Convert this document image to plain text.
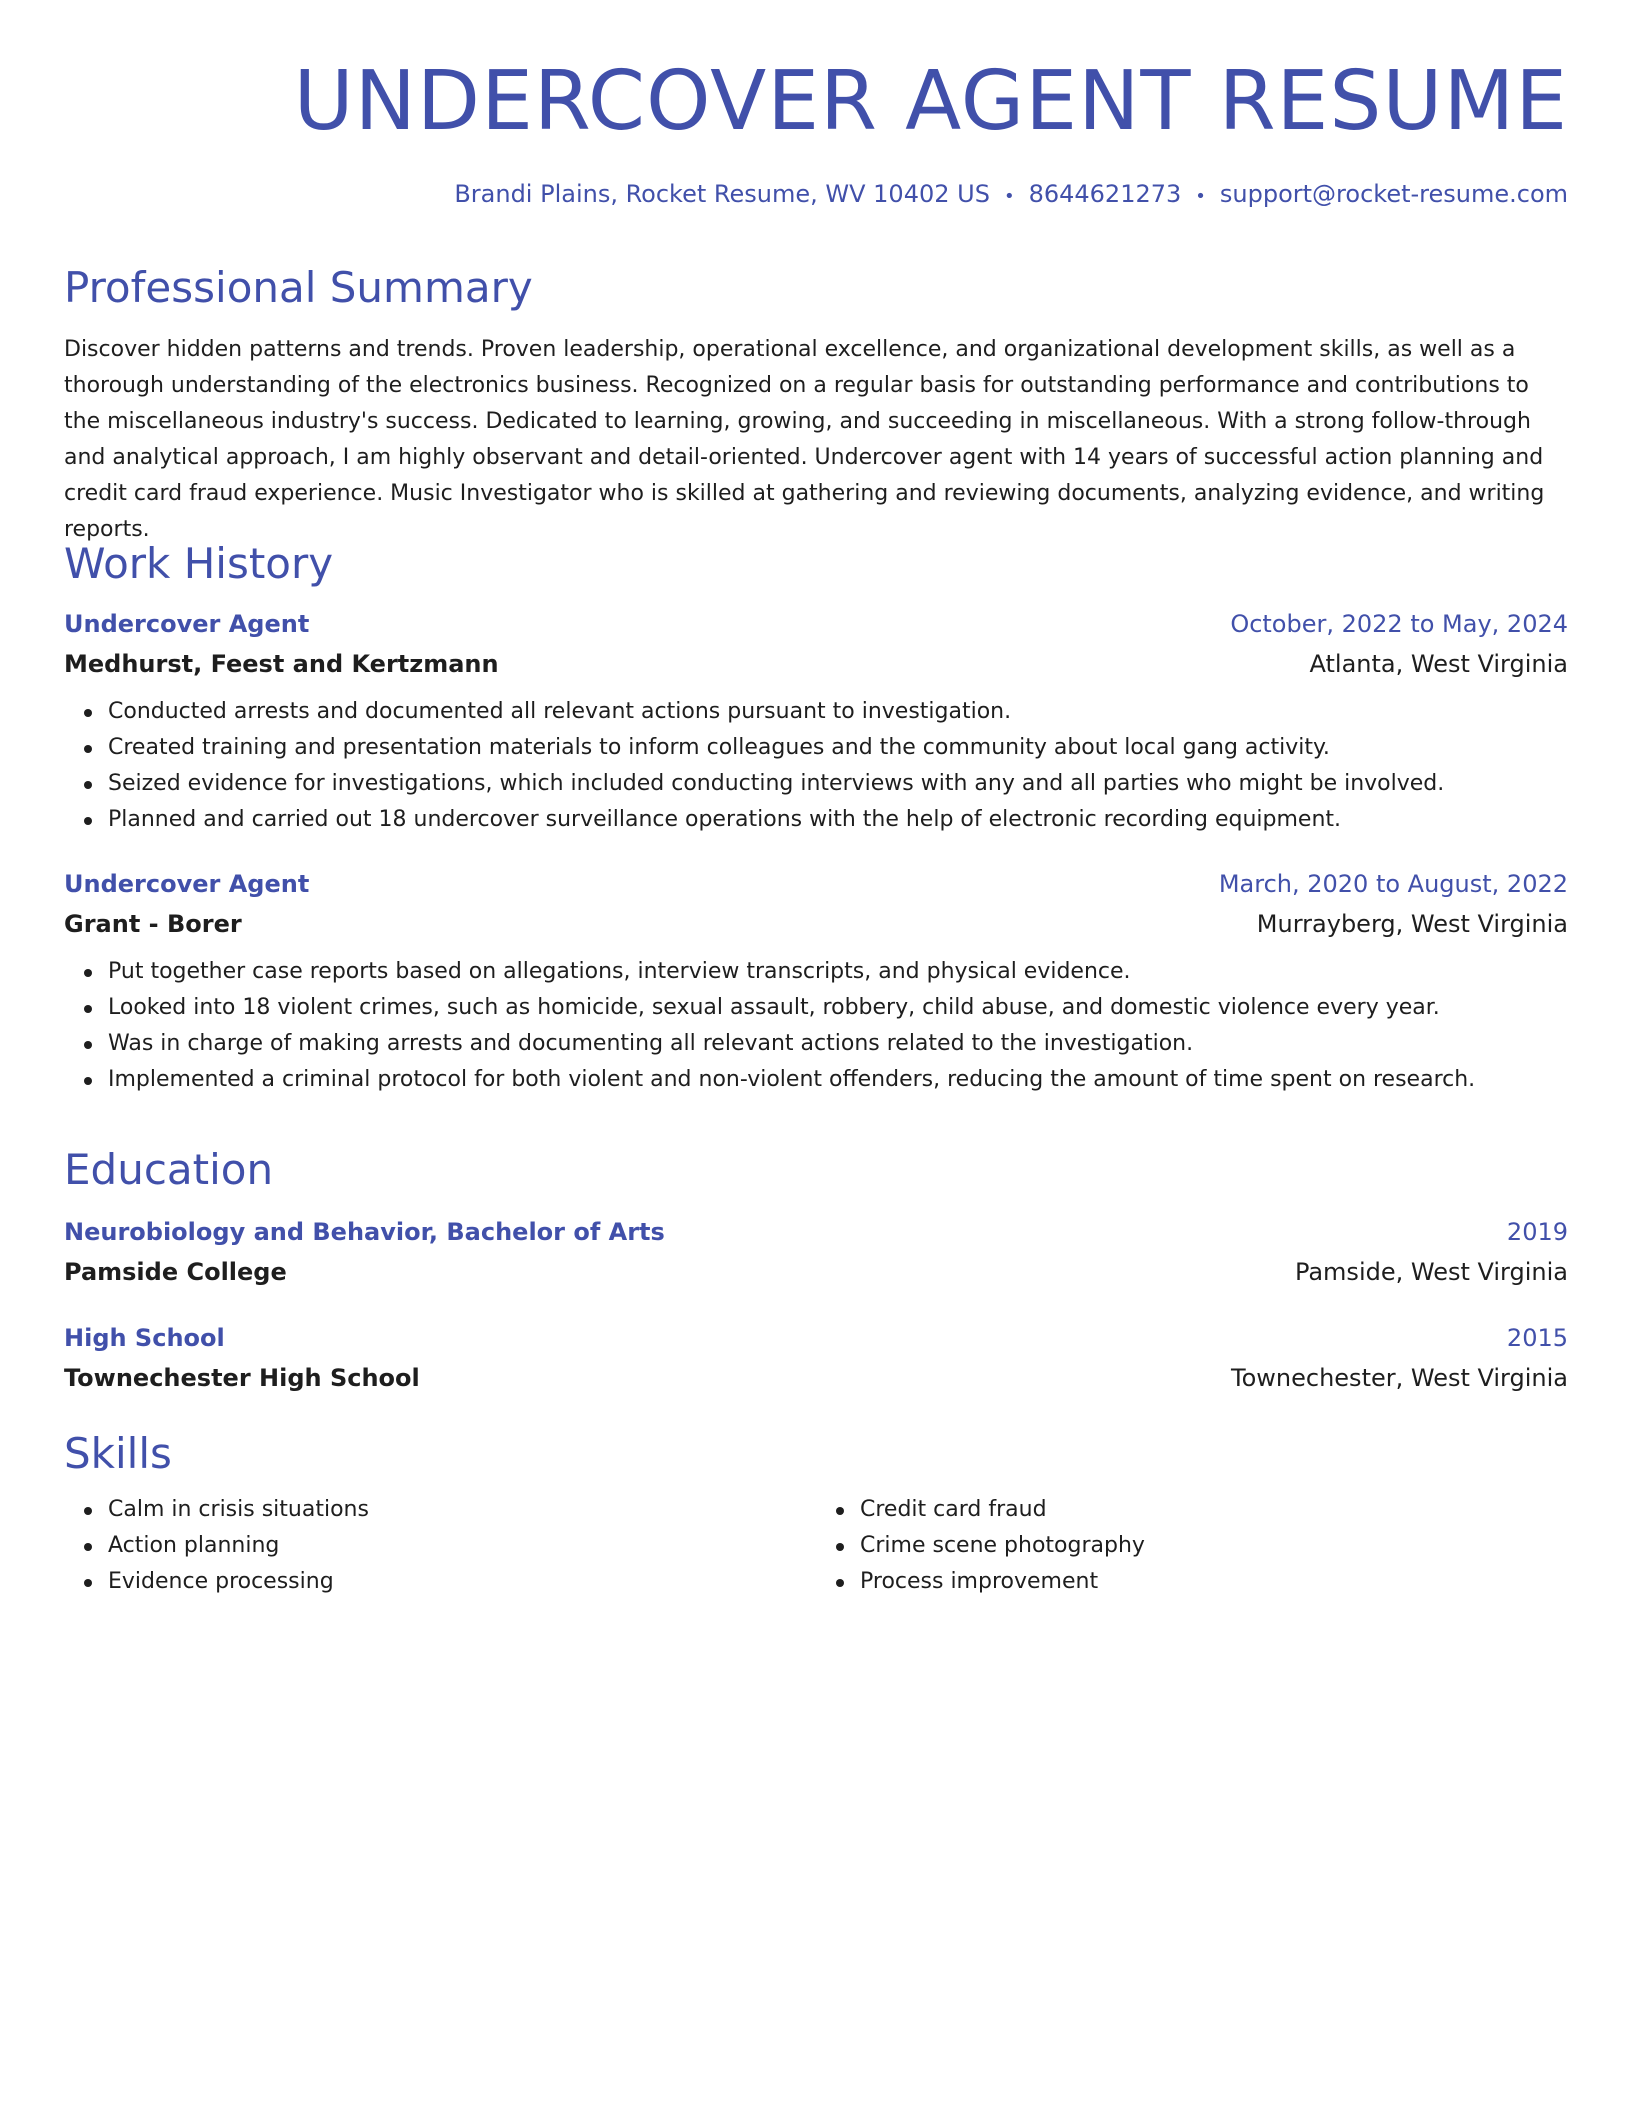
UNDERCOVER AGENT RESUME
Brandi Plains, Rocket Resume, WV 10402 US • 8644621273 • support@rocket-resume.com
Professional Summary

Discover hidden patterns and trends. Proven leadership, operational excellence, and organizational development skills, as well as a thorough understanding of the electronics business. Recognized on a regular basis for outstanding performance and contributions to the miscellaneous industry's success. Dedicated to learning, growing, and succeeding in miscellaneous. With a strong follow-through and analytical approach, I am highly observant and detail-oriented. Undercover agent with 14 years of successful action planning and credit card fraud experience. Music Investigator who is skilled at gathering and reviewing documents, analyzing evidence, and writing reports.

Work History
Undercover Agent	October, 2022 to May, 2024
Medhurst, Feest and Kertzmann	Atlanta, West Virginia
Conducted arrests and documented all relevant actions pursuant to investigation.
Created training and presentation materials to inform colleagues and the community about local gang activity.
Seized evidence for investigations, which included conducting interviews with any and all parties who might be involved.
Planned and carried out 18 undercover surveillance operations with the help of electronic recording equipment.
Undercover Agent	March, 2020 to August, 2022
Grant - Borer	Murrayberg, West Virginia
Put together case reports based on allegations, interview transcripts, and physical evidence.
Looked into 18 violent crimes, such as homicide, sexual assault, robbery, child abuse, and domestic violence every year.
Was in charge of making arrests and documenting all relevant actions related to the investigation.
Implemented a criminal protocol for both violent and non-violent offenders, reducing the amount of time spent on research.
Education
Neurobiology and Behavior, Bachelor of Arts	2019
Pamside College	Pamside, West Virginia
High School	2015
Townechester High School	Townechester, West Virginia
Skills
Calm in crisis situations
Action planning
Evidence processing
Credit card fraud
Crime scene photography
Process improvement
